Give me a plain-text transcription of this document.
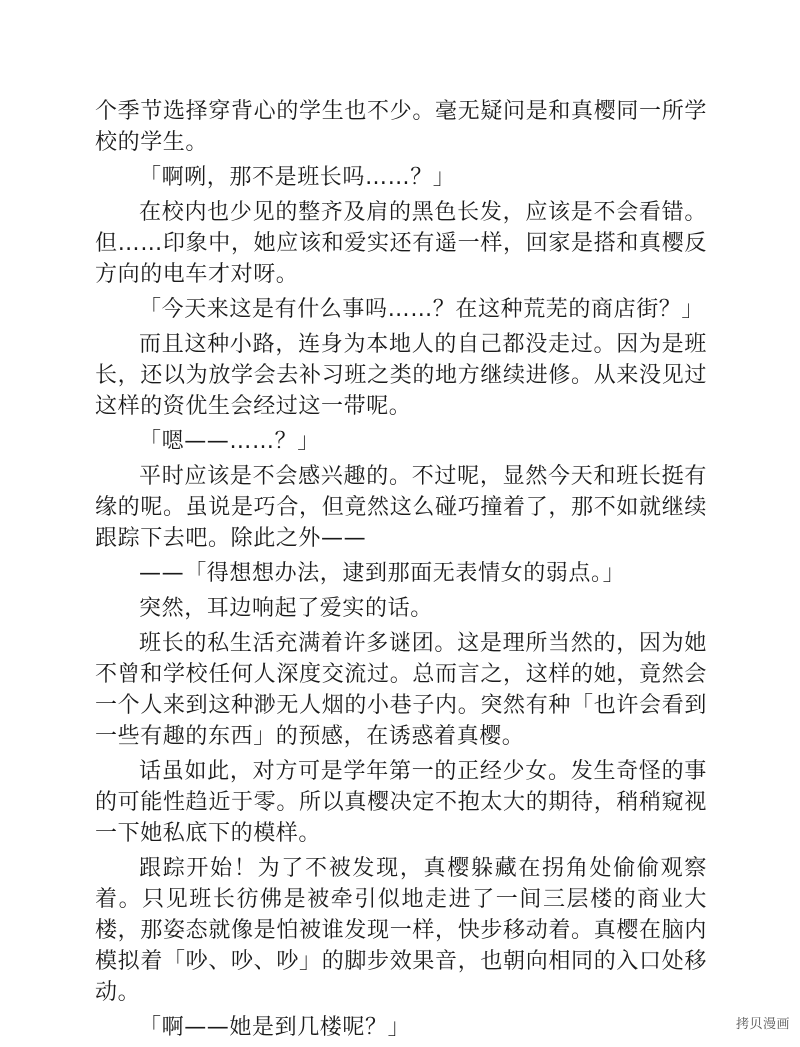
个季节选择穿背心的学生也不少。毫无疑问是和真樱同一所学校的学生。

「啊咧，那不是班长吗……？」

在校内也少见的整齐及肩的黑色长发，应该是不会看错。但……印象中，她应该和爱实还有遥一样，回家是搭和真樱反方向的电车才对呀。

「今天来这是有什么事吗……？在这种荒芜的商店街？」

而且这种小路，连身为本地人的自己都没走过。因为是班长，还以为放学会去补习班之类的地方继续进修。从来没见过这样的资优生会经过这一带呢。

「嗯——……？」

平时应该是不会感兴趣的。不过呢，显然今天和班长挺有缘的呢。虽说是巧合，但竟然这么碰巧撞着了，那不如就继续跟踪下去吧。除此之外——

——「得想想办法，逮到那面无表情女的弱点。」

突然，耳边响起了爱实的话。

班长的私生活充满着许多谜团。这是理所当然的，因为她不曾和学校任何人深度交流过。总而言之，这样的她，竟然会一个人来到这种渺无人烟的小巷子内。突然有种「也许会看到一些有趣的东西」的预感，在诱惑着真樱。

话虽如此，对方可是学年第一的正经少女。发生奇怪的事的可能性趋近于零。所以真樱决定不抱太大的期待，稍稍窥视一下她私底下的模样。

跟踪开始！为了不被发现，真樱躲藏在拐角处偷偷观察着。只见班长彷佛是被牵引似地走进了一间三层楼的商业大楼，那姿态就像是怕被谁发现一样，快步移动着。真樱在脑内模拟着「吵、吵、吵」的脚步效果音，也朝向相同的入口处移动。

「啊——她是到几楼呢？」	拷贝漫画
